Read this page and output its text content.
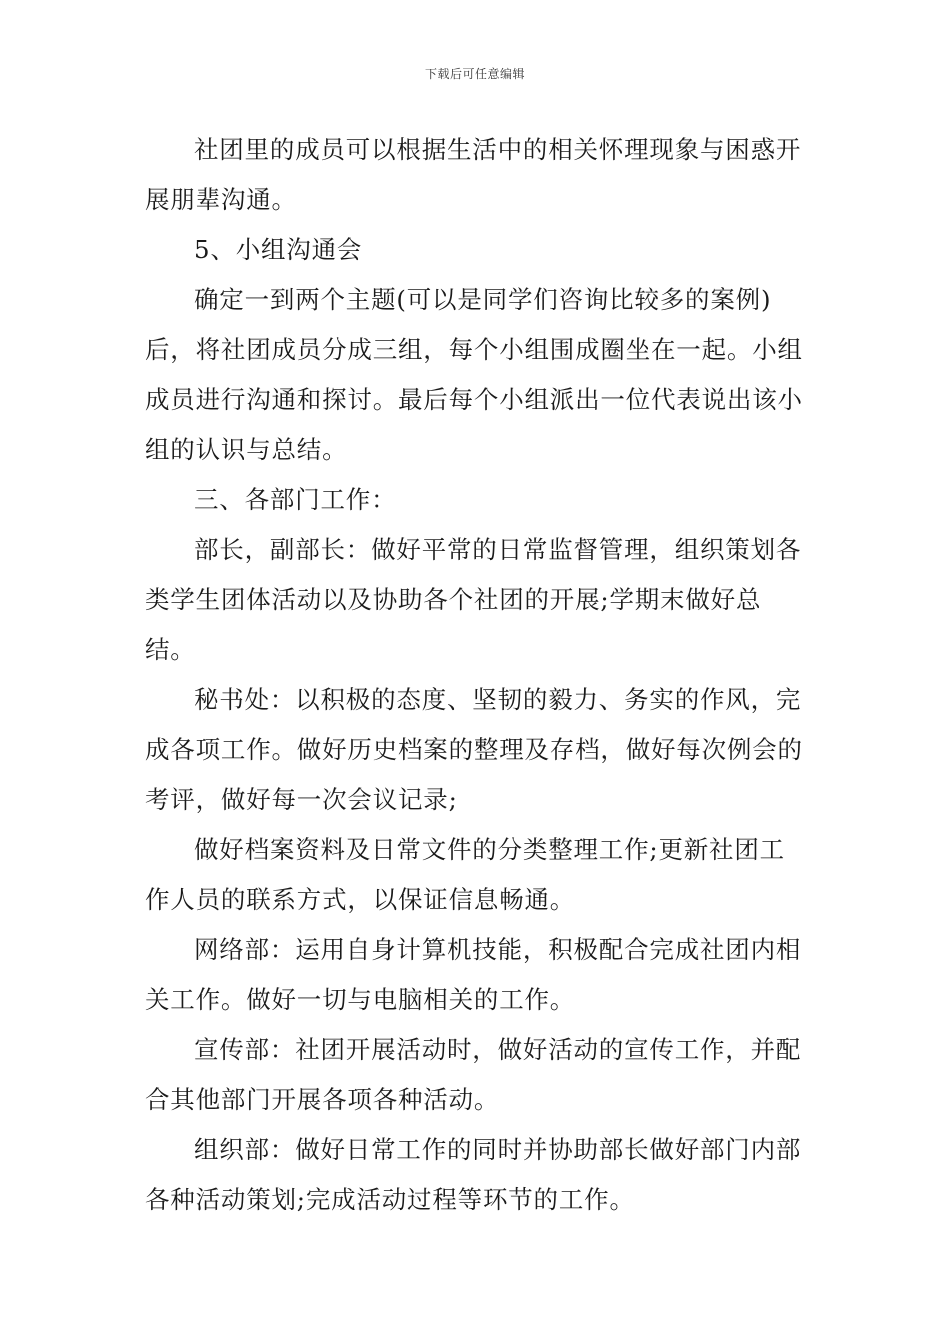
下载后可任意编辑

社团里的成员可以根据生活中的相关怀理现象与困惑开展朋辈沟通。

5、小组沟通会

确定一到两个主题(可以是同学们咨询比较多的案例)后，将社团成员分成三组，每个小组围成圈坐在一起。小组成员进行沟通和探讨。最后每个小组派出一位代表说出该小组的认识与总结。

三、各部门工作：

部长，副部长：做好平常的日常监督管理，组织策划各类学生团体活动以及协助各个社团的开展;学期末做好总结。

秘书处：以积极的态度、坚韧的毅力、务实的作风，完成各项工作。做好历史档案的整理及存档，做好每次例会的考评，做好每一次会议记录;

做好档案资料及日常文件的分类整理工作;更新社团工作人员的联系方式，以保证信息畅通。

网络部：运用自身计算机技能，积极配合完成社团内相关工作。做好一切与电脑相关的工作。

宣传部：社团开展活动时，做好活动的宣传工作，并配合其他部门开展各项各种活动。

组织部：做好日常工作的同时并协助部长做好部门内部各种活动策划;完成活动过程等环节的工作。
